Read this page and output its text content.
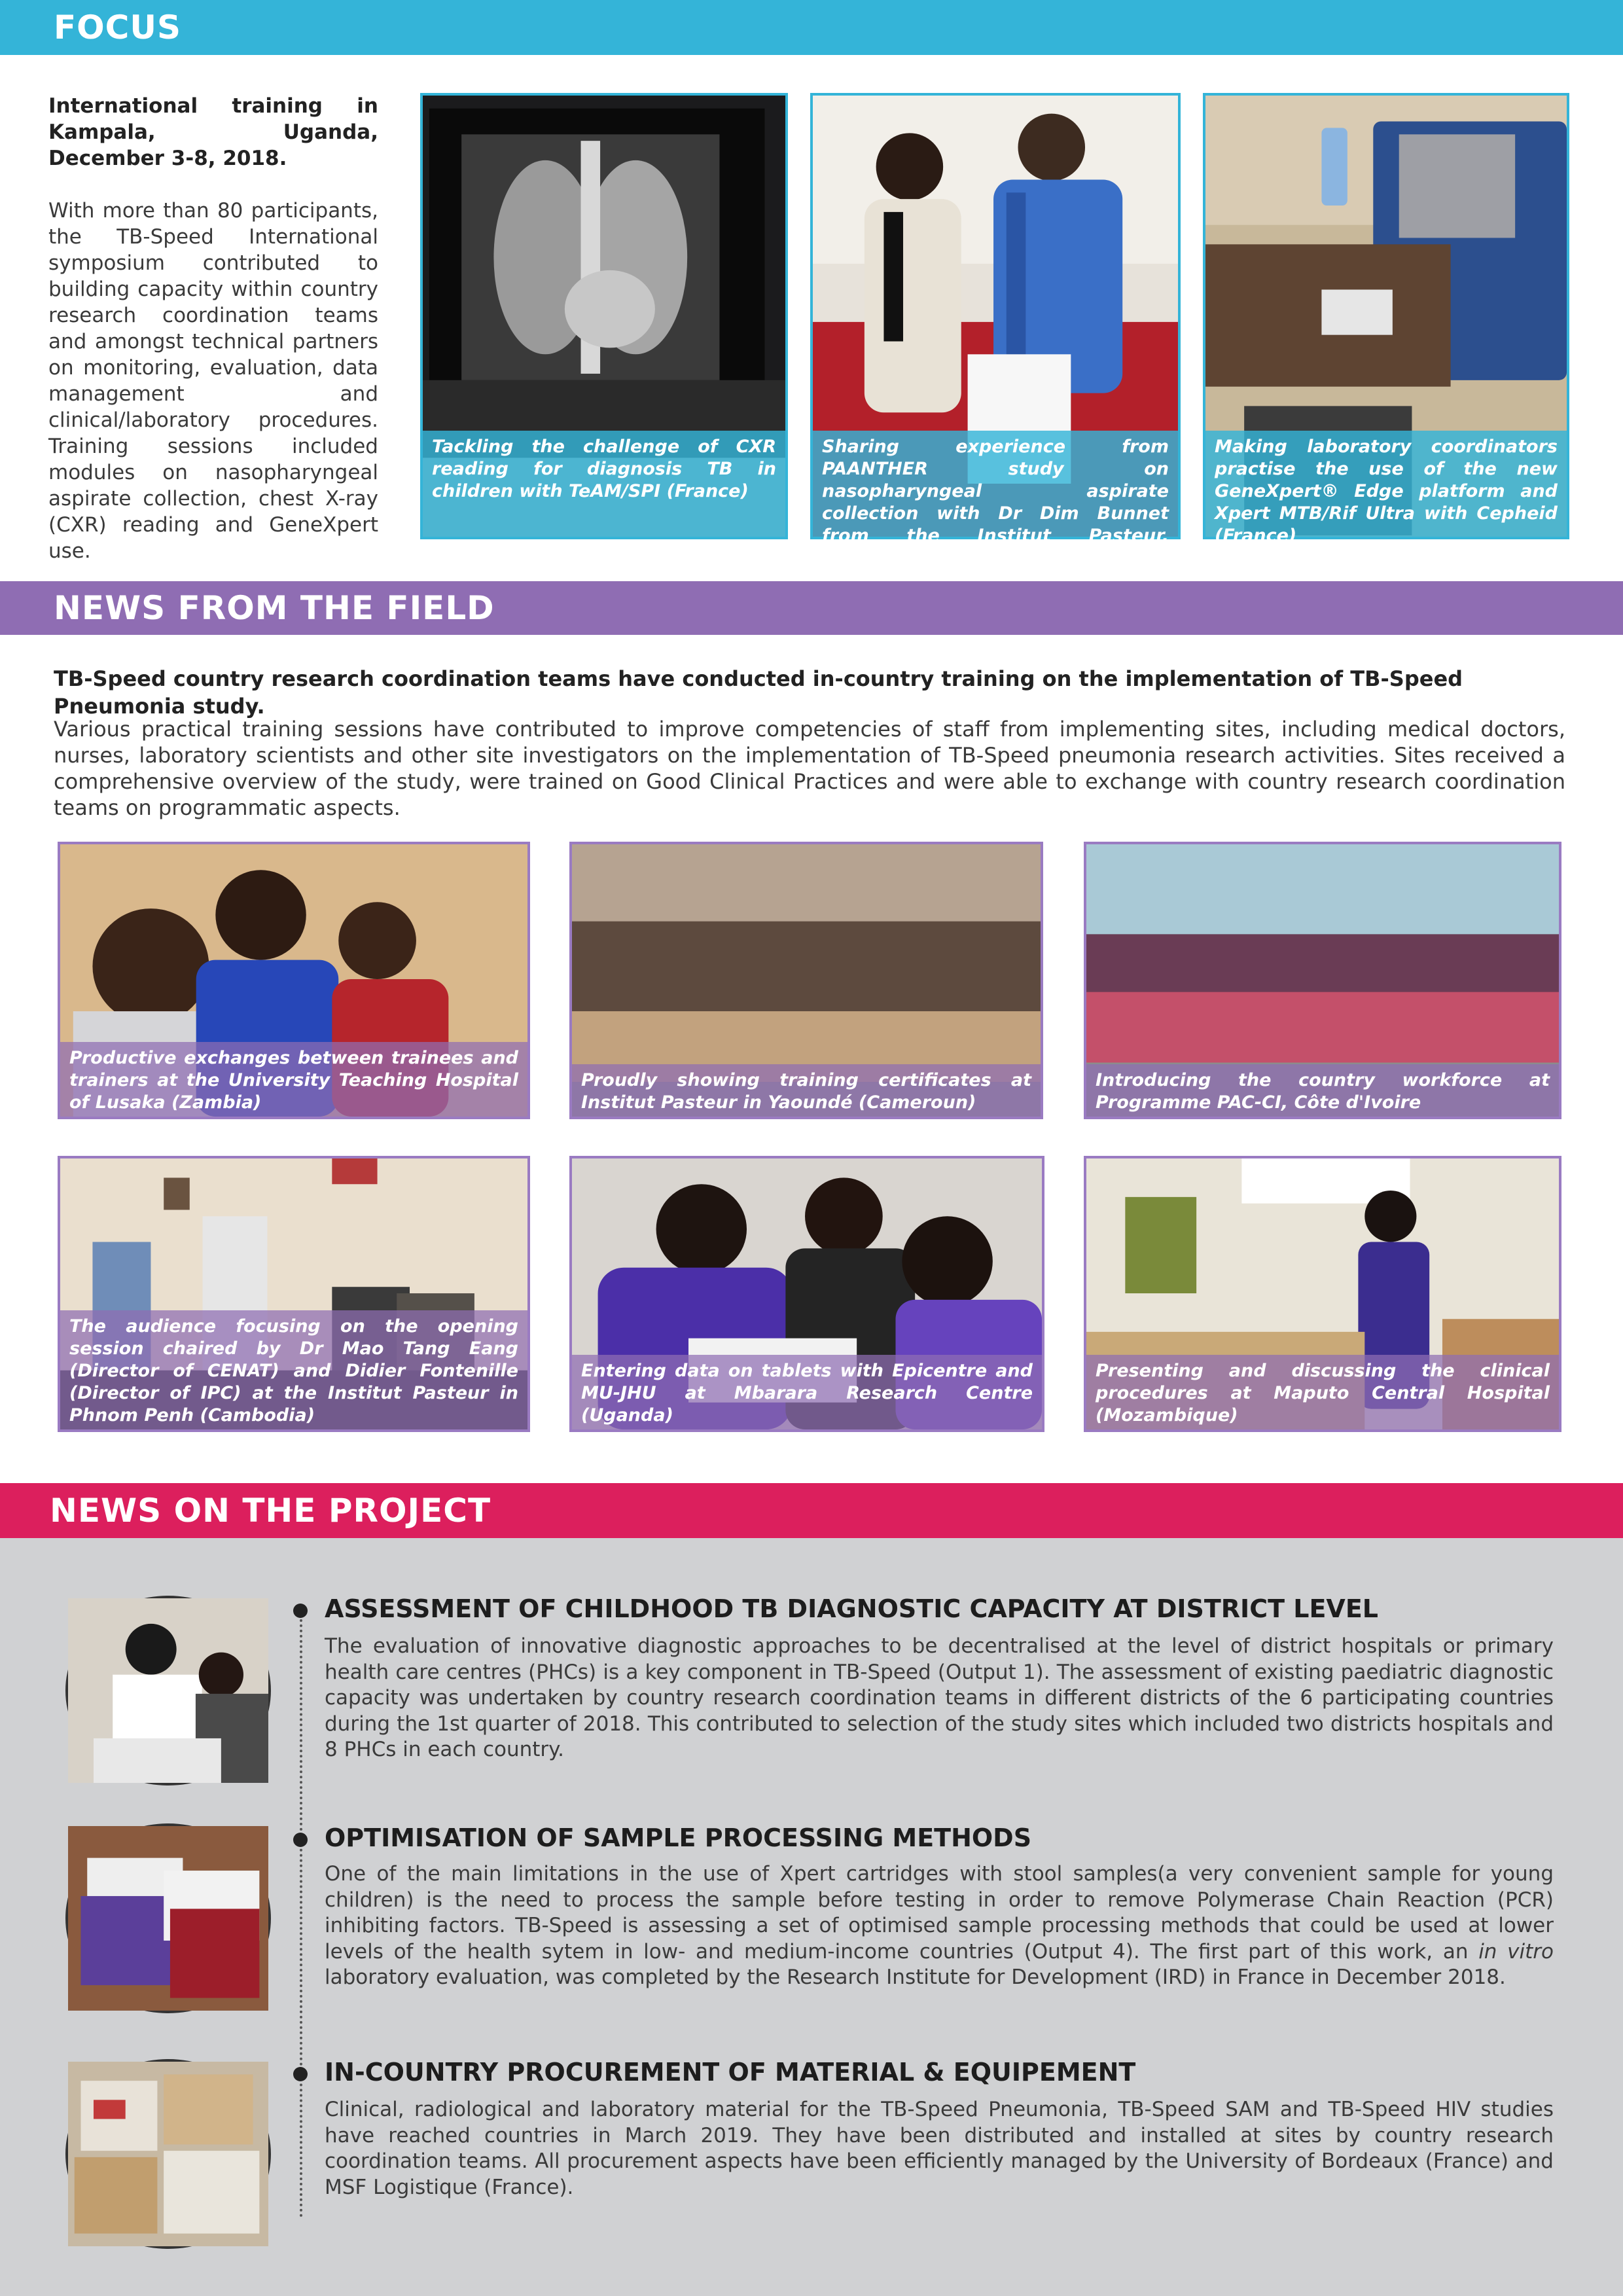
FOCUS

International training in Kampala, Uganda, December 3-8, 2018.

With more than 80 participants, the TB-Speed International symposium contributed to building capacity within country research coordination teams and amongst technical partners on monitoring, evaluation, data management and clinical/laboratory procedures. Training sessions included modules on nasopharyngeal aspirate collection, chest X-ray (CXR) reading and GeneXpert use.

Tackling the challenge of CXR reading for diagnosis TB in children with TeAM/SPI (France)
Sharing experience from PAANTHER study on nasopharyngeal aspirate collection with Dr Dim Bunnet from the Institut Pasteur, Cambodia
Making laboratory coordinators practise the use of the new GeneXpert® Edge platform and Xpert MTB/Rif Ultra with Cepheid (France)
NEWS FROM THE FIELD
TB-Speed country research coordination teams have conducted in-country training on the implementation of TB-Speed Pneumonia study.
Various practical training sessions have contributed to improve competencies of staff from implementing sites, including medical doctors, nurses, laboratory scientists and other site investigators on the implementation of TB-Speed pneumonia research activities. Sites received a comprehensive overview of the study, were trained on Good Clinical Practices and were able to exchange with country research coordination teams on programmatic aspects.
Productive exchanges between trainees and trainers at the University Teaching Hospital of Lusaka (Zambia)
Proudly showing training certificates at Institut Pasteur in Yaoundé (Cameroun)
Introducing the country workforce at Programme PAC-CI, Côte d'Ivoire
The audience focusing on the opening session chaired by Dr Mao Tang Eang (Director of CENAT) and Didier Fontenille (Director of IPC) at the Institut Pasteur in Phnom Penh (Cambodia)
Entering data on tablets with Epicentre and MU-JHU at Mbarara Research Centre (Uganda)
Presenting and discussing the clinical procedures at Maputo Central Hospital (Mozambique)
NEWS ON THE PROJECT
ASSESSMENT OF CHILDHOOD TB DIAGNOSTIC CAPACITY AT DISTRICT LEVEL
The evaluation of innovative diagnostic approaches to be decentralised at the level of district hospitals or primary health care centres (PHCs) is a key component in TB-Speed (Output 1). The assessment of existing paediatric diagnostic capacity was undertaken by country research coordination teams in different districts of the 6 participating countries during the 1st quarter of 2018. This contributed to selection of the study sites which included two districts hospitals and 8 PHCs in each country.
OPTIMISATION OF SAMPLE PROCESSING METHODS
One of the main limitations in the use of Xpert cartridges with stool samples(a very convenient sample for young children) is the need to process the sample before testing in order to remove Polymerase Chain Reaction (PCR) inhibiting factors. TB-Speed is assessing a set of optimised sample processing methods that could be used at lower levels of the health sytem in low- and medium-income countries (Output 4). The first part of this work, an in vitro laboratory evaluation, was completed by the Research Institute for Development (IRD) in France in December 2018.
IN-COUNTRY PROCUREMENT OF MATERIAL & EQUIPEMENT
Clinical, radiological and laboratory material for the TB-Speed Pneumonia, TB-Speed SAM and TB-Speed HIV studies have reached countries in March 2019. They have been distributed and installed at sites by country research coordination teams. All procurement aspects have been efficiently managed by the University of Bordeaux (France) and MSF Logistique (France).
